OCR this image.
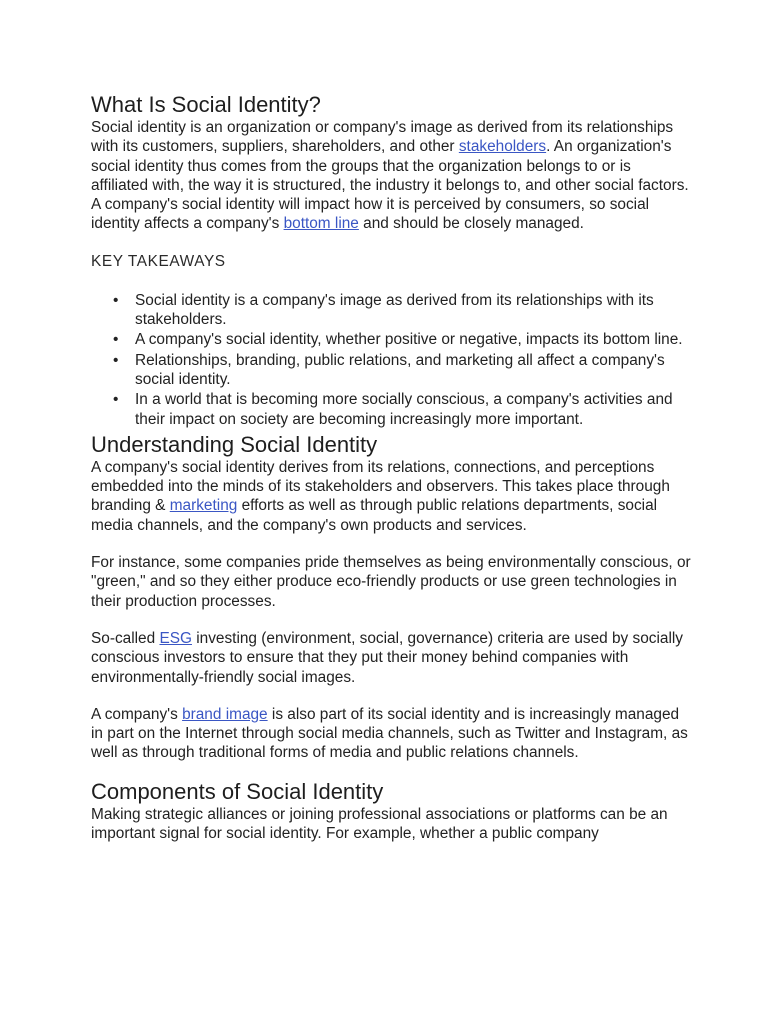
What Is Social Identity?

Social identity is an organization or company's image as derived from its relationships with its customers, suppliers, shareholders, and other stakeholders. An organization's social identity thus comes from the groups that the organization belongs to or is affiliated with, the way it is structured, the industry it belongs to, and other social factors. A company's social identity will impact how it is perceived by consumers, so social identity affects a company's bottom line and should be closely managed.

KEY TAKEAWAYS

• Social identity is a company's image as derived from its relationships with its stakeholders.
• A company's social identity, whether positive or negative, impacts its bottom line.
• Relationships, branding, public relations, and marketing all affect a company's social identity.
• In a world that is becoming more socially conscious, a company's activities and their impact on society are becoming increasingly more important.
Understanding Social Identity

A company's social identity derives from its relations, connections, and perceptions embedded into the minds of its stakeholders and observers. This takes place through branding & marketing efforts as well as through public relations departments, social media channels, and the company's own products and services.

For instance, some companies pride themselves as being environmentally conscious, or "green," and so they either produce eco-friendly products or use green technologies in their production processes.

So-called ESG investing (environment, social, governance) criteria are used by socially conscious investors to ensure that they put their money behind companies with environmentally-friendly social images.

A company's brand image is also part of its social identity and is increasingly managed in part on the Internet through social media channels, such as Twitter and Instagram, as well as through traditional forms of media and public relations channels.

Components of Social Identity

Making strategic alliances or joining professional associations or platforms can be an important signal for social identity. For example, whether a public company
